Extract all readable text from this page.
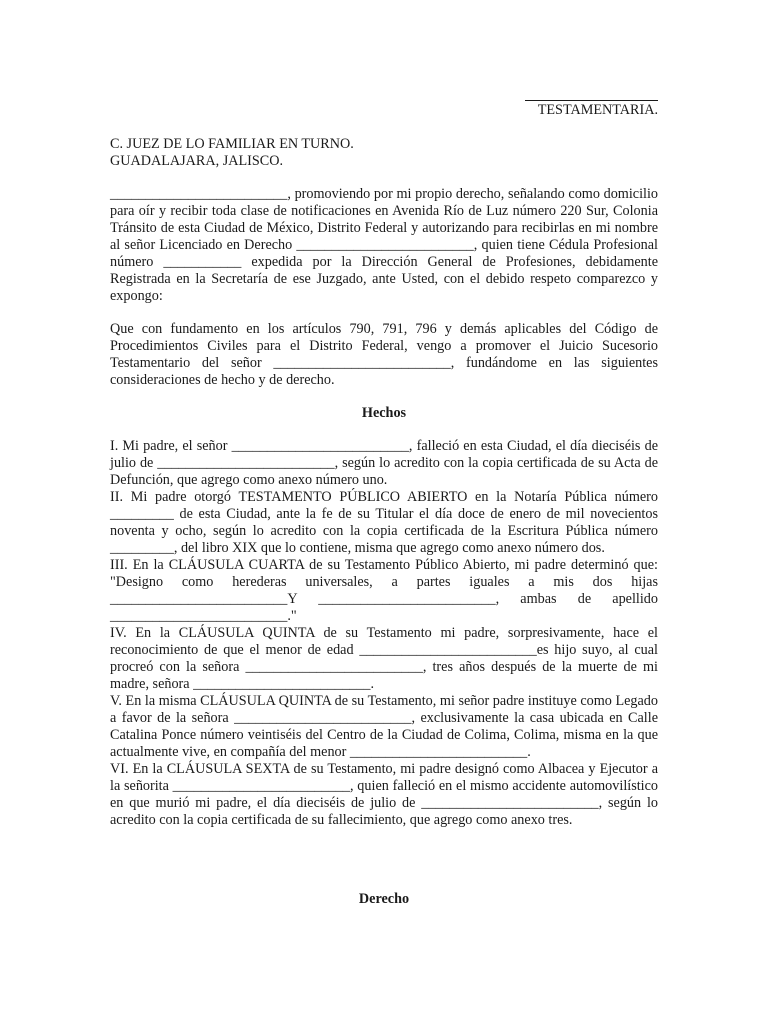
TESTAMENTARIA.
C. JUEZ DE LO FAMILIAR EN TURNO.
GUADALAJARA, JALISCO.

_________________________, promoviendo por mi propio derecho, señalando como domicilio para oír y recibir toda clase de notificaciones en Avenida Río de Luz número 220 Sur, Colonia Tránsito de esta Ciudad de México, Distrito Federal y autorizando para recibirlas en mi nombre al señor Licenciado en Derecho _________________________, quien tiene Cédula Profesional número ___________ expedida por la Dirección General de Profesiones, debidamente Registrada en la Secretaría de ese Juzgado, ante Usted, con el debido respeto comparezco y expongo:

Que con fundamento en los artículos 790, 791, 796 y demás aplicables del Código de Procedimientos Civiles para el Distrito Federal, vengo a promover el Juicio Sucesorio Testamentario del señor _________________________, fundándome en las siguientes consideraciones de hecho y de derecho.

Hechos

I. Mi padre, el señor _________________________, falleció en esta Ciudad, el día dieciséis de julio de _________________________, según lo acredito con la copia certificada de su Acta de Defunción, que agrego como anexo número uno.

II. Mi padre otorgó TESTAMENTO PÚBLICO ABIERTO en la Notaría Pública número _________ de esta Ciudad, ante la fe de su Titular el día doce de enero de mil novecientos noventa y ocho, según lo acredito con la copia certificada de la Escritura Pública número _________, del libro XIX que lo contiene, misma que agrego como anexo número dos.

III. En la CLÁUSULA CUARTA de su Testamento Público Abierto, mi padre determinó que: "Designo como herederas universales, a partes iguales a mis dos hijas _________________________Y _________________________, ambas de apellido _________________________."

IV. En la CLÁUSULA QUINTA de su Testamento mi padre, sorpresivamente, hace el reconocimiento de que el menor de edad _________________________es hijo suyo, al cual procreó con la señora _________________________, tres años después de la muerte de mi madre, señora _________________________.

V. En la misma CLÁUSULA QUINTA de su Testamento, mi señor padre instituye como Legado a favor de la señora _________________________, exclusivamente la casa ubicada en Calle Catalina Ponce número veintiséis del Centro de la Ciudad de Colima, Colima, misma en la que actualmente vive, en compañía del menor _________________________.

VI. En la CLÁUSULA SEXTA de su Testamento, mi padre designó como Albacea y Ejecutor a la señorita _________________________, quien falleció en el mismo accidente automovilístico en que murió mi padre, el día dieciséis de julio de _________________________, según lo acredito con la copia certificada de su fallecimiento, que agrego como anexo tres.

Derecho
